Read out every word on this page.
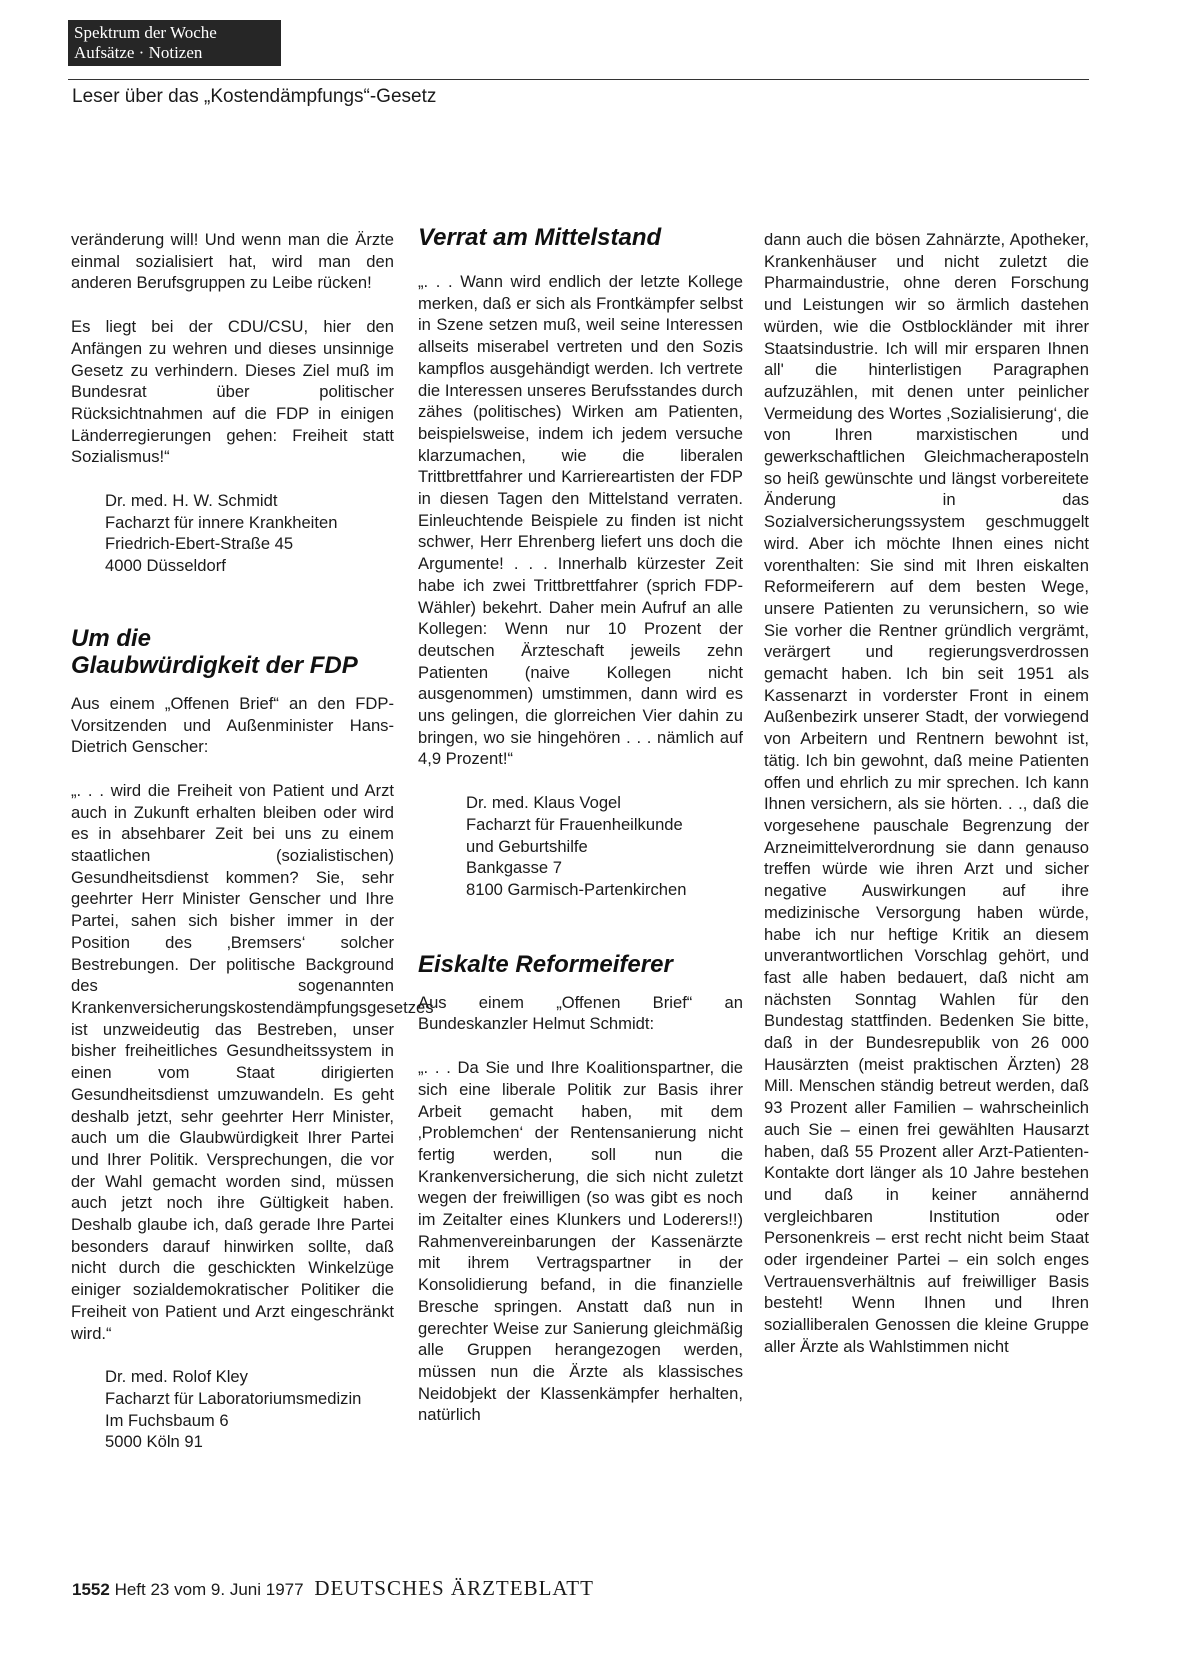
Spektrum der Woche
Aufsätze · Notizen
Leser über das „Kostendämpfungs“-Gesetz

veränderung will! Und wenn man die Ärzte einmal sozialisiert hat, wird man den anderen Berufsgruppen zu Leibe rücken!

Es liegt bei der CDU/CSU, hier den Anfängen zu wehren und dieses unsinnige Gesetz zu verhindern. Dieses Ziel muß im Bundesrat über politischer Rücksichtnahmen auf die FDP in einigen Länderregierungen gehen: Freiheit statt Sozialismus!“

Dr. med. H. W. Schmidt
Facharzt für innere Krankheiten
Friedrich-Ebert-Straße 45
4000 Düsseldorf
Um die
Glaubwürdigkeit der FDP

Aus einem „Offenen Brief“ an den FDP-Vorsitzenden und Außenminister Hans-Dietrich Genscher:

„. . . wird die Freiheit von Patient und Arzt auch in Zukunft erhalten bleiben oder wird es in absehbarer Zeit bei uns zu einem staatlichen (sozialistischen) Gesundheitsdienst kommen? Sie, sehr geehrter Herr Minister Genscher und Ihre Partei, sahen sich bisher immer in der Position des ‚Bremsers‘ solcher Bestrebungen. Der politische Background des sogenannten Krankenversicherungskostendämpfungsgesetzes ist unzweideutig das Bestreben, unser bisher freiheitliches Gesundheitssystem in einen vom Staat dirigierten Gesundheitsdienst umzuwandeln. Es geht deshalb jetzt, sehr geehrter Herr Minister, auch um die Glaubwürdigkeit Ihrer Partei und Ihrer Politik. Versprechungen, die vor der Wahl gemacht worden sind, müssen auch jetzt noch ihre Gültigkeit haben. Deshalb glaube ich, daß gerade Ihre Partei besonders darauf hinwirken sollte, daß nicht durch die geschickten Winkelzüge einiger sozialdemokratischer Politiker die Freiheit von Patient und Arzt eingeschränkt wird.“

Dr. med. Rolof Kley
Facharzt für Laboratoriumsmedizin
Im Fuchsbaum 6
5000 Köln 91
Verrat am Mittelstand

„. . . Wann wird endlich der letzte Kollege merken, daß er sich als Frontkämpfer selbst in Szene setzen muß, weil seine Interessen allseits miserabel vertreten und den Sozis kampflos ausgehändigt werden. Ich vertrete die Interessen unseres Berufsstandes durch zähes (politisches) Wirken am Patienten, beispielsweise, indem ich jedem versuche klarzumachen, wie die liberalen Trittbrettfahrer und Karriereartisten der FDP in diesen Tagen den Mittelstand verraten. Einleuchtende Beispiele zu finden ist nicht schwer, Herr Ehrenberg liefert uns doch die Argumente! . . . Innerhalb kürzester Zeit habe ich zwei Trittbrettfahrer (sprich FDP-Wähler) bekehrt. Daher mein Aufruf an alle Kollegen: Wenn nur 10 Prozent der deutschen Ärzteschaft jeweils zehn Patienten (naive Kollegen nicht ausgenommen) umstimmen, dann wird es uns gelingen, die glorreichen Vier dahin zu bringen, wo sie hingehören . . . nämlich auf 4,9 Prozent!“

Dr. med. Klaus Vogel
Facharzt für Frauenheilkunde
und Geburtshilfe
Bankgasse 7
8100 Garmisch-Partenkirchen
Eiskalte Reformeiferer

Aus einem „Offenen Brief“ an Bundeskanzler Helmut Schmidt:

„. . . Da Sie und Ihre Koalitionspartner, die sich eine liberale Politik zur Basis ihrer Arbeit gemacht haben, mit dem ‚Problemchen‘ der Rentensanierung nicht fertig werden, soll nun die Krankenversicherung, die sich nicht zuletzt wegen der freiwilligen (so was gibt es noch im Zeitalter eines Klunkers und Loderers!!) Rahmenvereinbarungen der Kassenärzte mit ihrem Vertragspartner in der Konsolidierung befand, in die finanzielle Bresche springen. Anstatt daß nun in gerechter Weise zur Sanierung gleichmäßig alle Gruppen herangezogen werden, müssen nun die Ärzte als klassisches Neidobjekt der Klassenkämpfer herhalten, natürlich

dann auch die bösen Zahnärzte, Apotheker, Krankenhäuser und nicht zuletzt die Pharmaindustrie, ohne deren Forschung und Leistungen wir so ärmlich dastehen würden, wie die Ostblockländer mit ihrer Staatsindustrie. Ich will mir ersparen Ihnen all' die hinterlistigen Paragraphen aufzuzählen, mit denen unter peinlicher Vermeidung des Wortes ‚Sozialisierung‘, die von Ihren marxistischen und gewerkschaftlichen Gleichmacheraposteln so heiß gewünschte und längst vorbereitete Änderung in das Sozialversicherungssystem geschmuggelt wird. Aber ich möchte Ihnen eines nicht vorenthalten: Sie sind mit Ihren eiskalten Reformeiferern auf dem besten Wege, unsere Patienten zu verunsichern, so wie Sie vorher die Rentner gründlich vergrämt, verärgert und regierungsverdrossen gemacht haben. Ich bin seit 1951 als Kassenarzt in vorderster Front in einem Außenbezirk unserer Stadt, der vorwiegend von Arbeitern und Rentnern bewohnt ist, tätig. Ich bin gewohnt, daß meine Patienten offen und ehrlich zu mir sprechen. Ich kann Ihnen versichern, als sie hörten. . ., daß die vorgesehene pauschale Begrenzung der Arzneimittelverordnung sie dann genauso treffen würde wie ihren Arzt und sicher negative Auswirkungen auf ihre medizinische Versorgung haben würde, habe ich nur heftige Kritik an diesem unverantwortlichen Vorschlag gehört, und fast alle haben bedauert, daß nicht am nächsten Sonntag Wahlen für den Bundestag stattfinden. Bedenken Sie bitte, daß in der Bundesrepublik von 26 000 Hausärzten (meist praktischen Ärzten) 28 Mill. Menschen ständig betreut werden, daß 93 Prozent aller Familien – wahrscheinlich auch Sie – einen frei gewählten Hausarzt haben, daß 55 Prozent aller Arzt-Patienten-Kontakte dort länger als 10 Jahre bestehen und daß in keiner annähernd vergleichbaren Institution oder Personenkreis – erst recht nicht beim Staat oder irgendeiner Partei – ein solch enges Vertrauensverhältnis auf freiwilliger Basis besteht! Wenn Ihnen und Ihren sozialliberalen Genossen die kleine Gruppe aller Ärzte als Wahlstimmen nicht

1552 Heft 23 vom 9. Juni 1977 DEUTSCHES ÄRZTEBLATT
